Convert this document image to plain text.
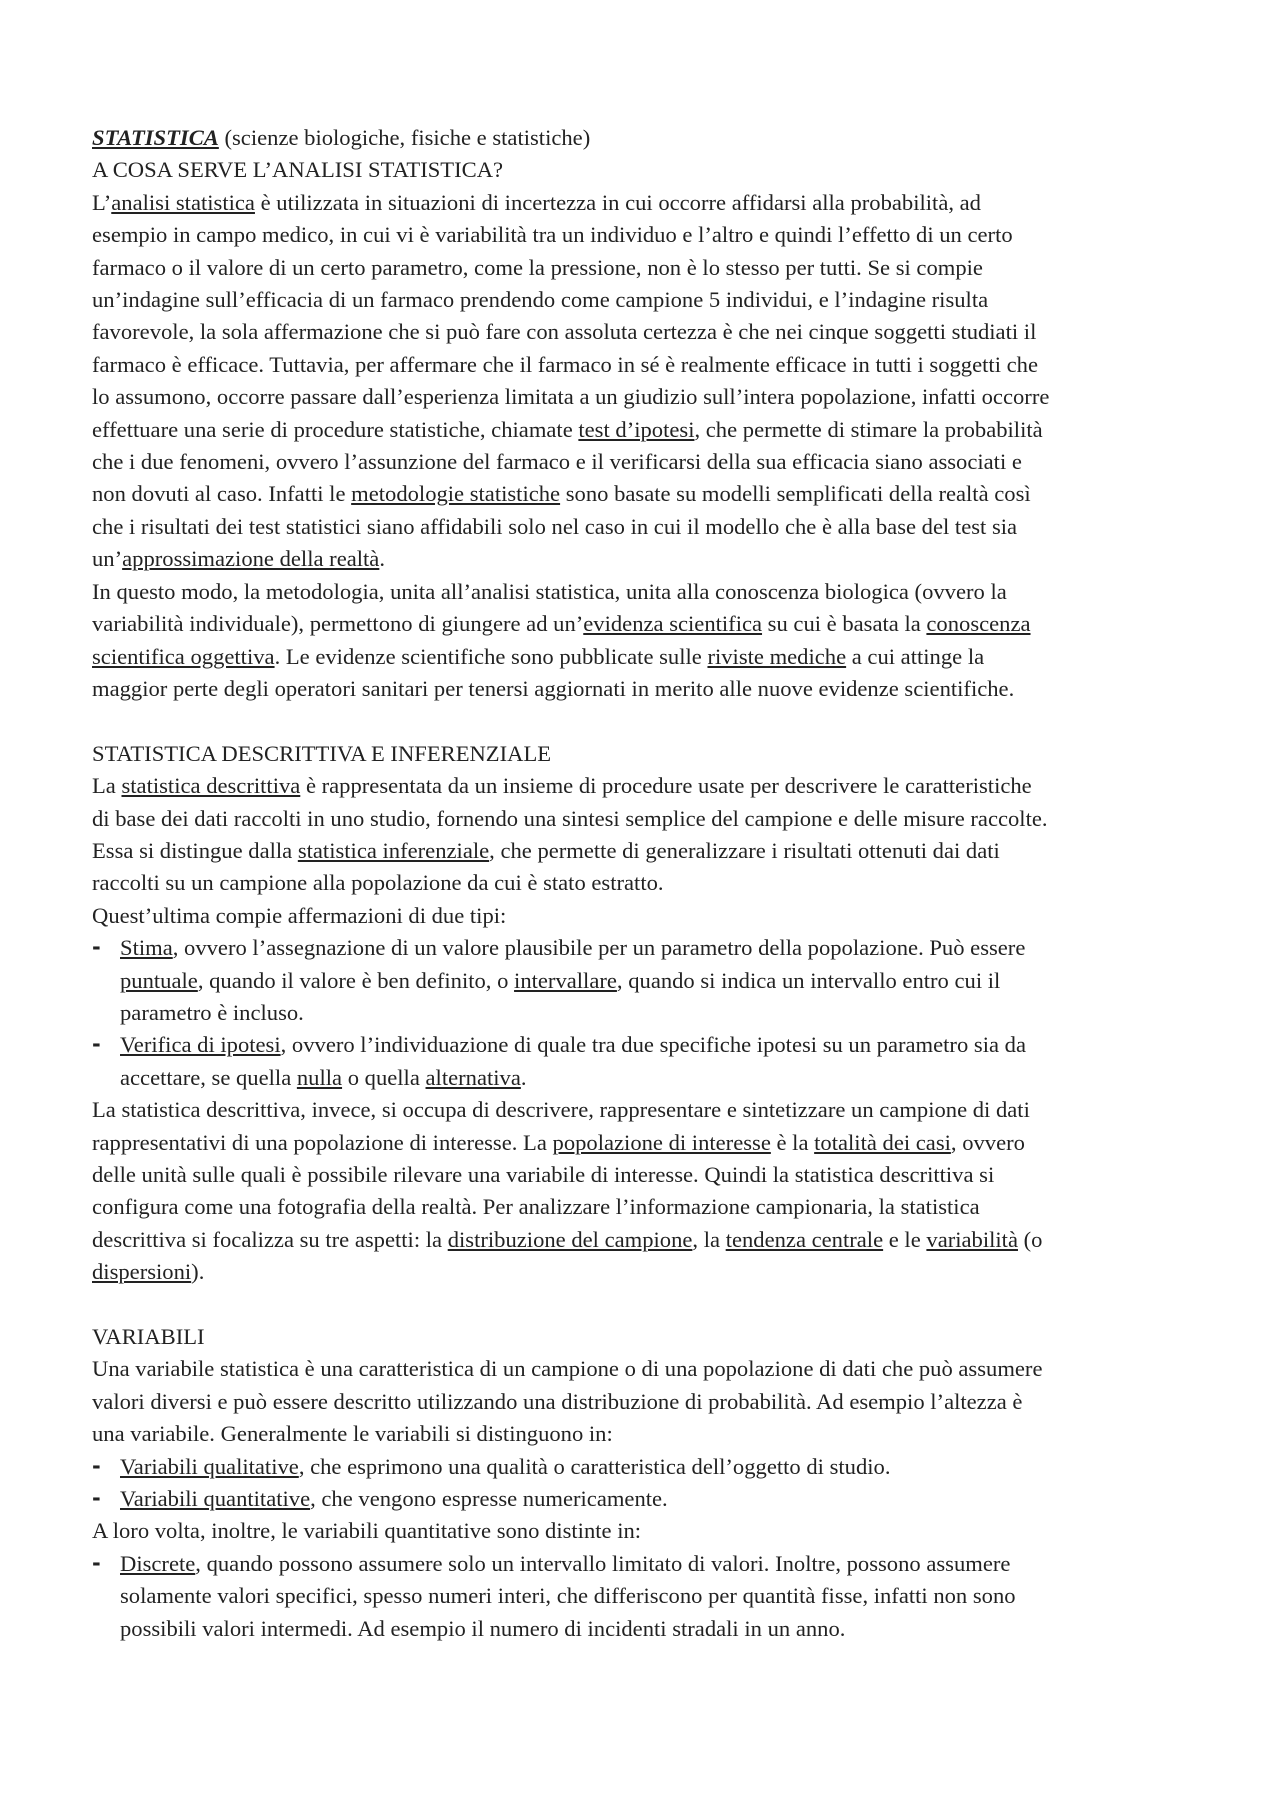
STATISTICA (scienze biologiche, fisiche e statistiche)

A COSA SERVE L’ANALISI STATISTICA?

L’analisi statistica è utilizzata in situazioni di incertezza in cui occorre affidarsi alla probabilità, ad

esempio in campo medico, in cui vi è variabilità tra un individuo e l’altro e quindi l’effetto di un certo

farmaco o il valore di un certo parametro, come la pressione, non è lo stesso per tutti. Se si compie

un’indagine sull’efficacia di un farmaco prendendo come campione 5 individui, e l’indagine risulta

favorevole, la sola affermazione che si può fare con assoluta certezza è che nei cinque soggetti studiati il

farmaco è efficace. Tuttavia, per affermare che il farmaco in sé è realmente efficace in tutti i soggetti che

lo assumono, occorre passare dall’esperienza limitata a un giudizio sull’intera popolazione, infatti occorre

effettuare una serie di procedure statistiche, chiamate test d’ipotesi, che permette di stimare la probabilità

che i due fenomeni, ovvero l’assunzione del farmaco e il verificarsi della sua efficacia siano associati e

non dovuti al caso. Infatti le metodologie statistiche sono basate su modelli semplificati della realtà così

che i risultati dei test statistici siano affidabili solo nel caso in cui il modello che è alla base del test sia

un’approssimazione della realtà.

In questo modo, la metodologia, unita all’analisi statistica, unita alla conoscenza biologica (ovvero la

variabilità individuale), permettono di giungere ad un’evidenza scientifica su cui è basata la conoscenza

scientifica oggettiva. Le evidenze scientifiche sono pubblicate sulle riviste mediche a cui attinge la

maggior perte degli operatori sanitari per tenersi aggiornati in merito alle nuove evidenze scientifiche.

STATISTICA DESCRITTIVA E INFERENZIALE

La statistica descrittiva è rappresentata da un insieme di procedure usate per descrivere le caratteristiche

di base dei dati raccolti in uno studio, fornendo una sintesi semplice del campione e delle misure raccolte.

Essa si distingue dalla statistica inferenziale, che permette di generalizzare i risultati ottenuti dai dati

raccolti su un campione alla popolazione da cui è stato estratto.

Quest’ultima compie affermazioni di due tipi:

- Stima, ovvero l’assegnazione di un valore plausibile per un parametro della popolazione. Può essere

puntuale, quando il valore è ben definito, o intervallare, quando si indica un intervallo entro cui il

parametro è incluso.

- Verifica di ipotesi, ovvero l’individuazione di quale tra due specifiche ipotesi su un parametro sia da

accettare, se quella nulla o quella alternativa.

La statistica descrittiva, invece, si occupa di descrivere, rappresentare e sintetizzare un campione di dati

rappresentativi di una popolazione di interesse. La popolazione di interesse è la totalità dei casi, ovvero

delle unità sulle quali è possibile rilevare una variabile di interesse. Quindi la statistica descrittiva si

configura come una fotografia della realtà. Per analizzare l’informazione campionaria, la statistica

descrittiva si focalizza su tre aspetti: la distribuzione del campione, la tendenza centrale e le variabilità (o

dispersioni).

VARIABILI

Una variabile statistica è una caratteristica di un campione o di una popolazione di dati che può assumere

valori diversi e può essere descritto utilizzando una distribuzione di probabilità. Ad esempio l’altezza è

una variabile. Generalmente le variabili si distinguono in:

- Variabili qualitative, che esprimono una qualità o caratteristica dell’oggetto di studio.

- Variabili quantitative, che vengono espresse numericamente.

A loro volta, inoltre, le variabili quantitative sono distinte in:

- Discrete, quando possono assumere solo un intervallo limitato di valori. Inoltre, possono assumere

solamente valori specifici, spesso numeri interi, che differiscono per quantità fisse, infatti non sono

possibili valori intermedi. Ad esempio il numero di incidenti stradali in un anno.
